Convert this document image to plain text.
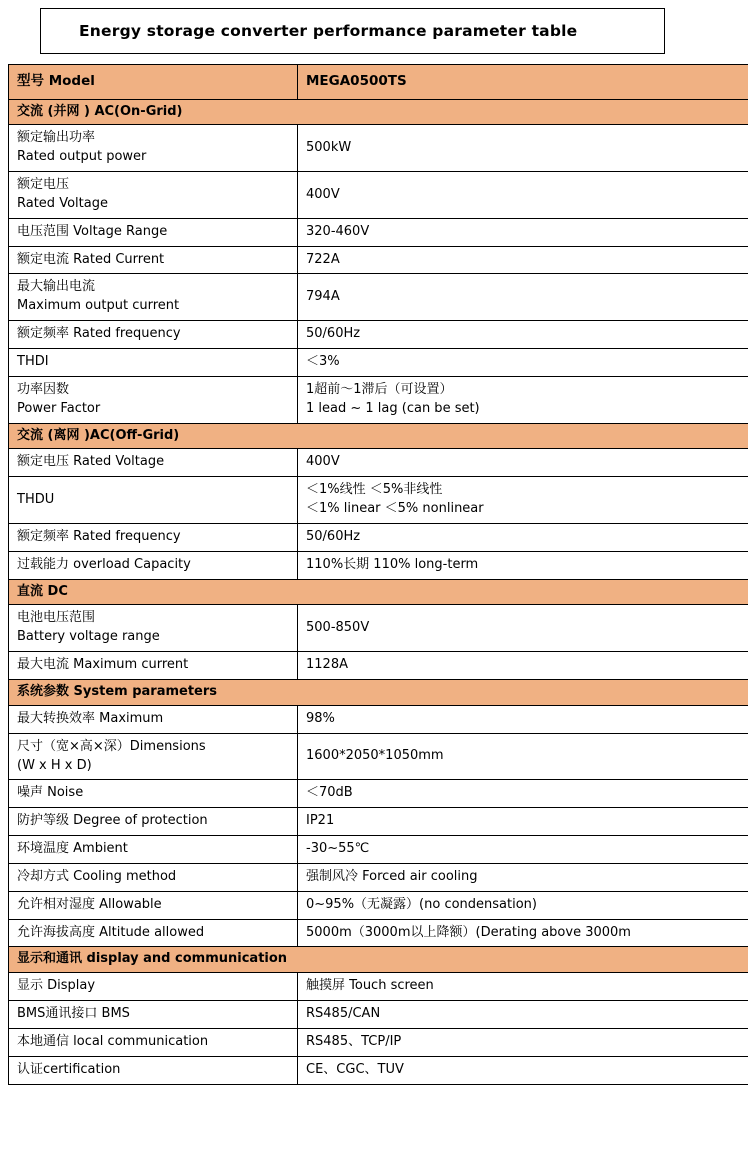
Energy storage converter performance parameter table
型号 Model	MEGA0500TS

交流 (并网 ) AC(On-Grid)	

额定输出功率
Rated output power	500kW

额定电压
Rated Voltage	400V

电压范围 Voltage Range	320-460V

额定电流 Rated Current	722A

最大输出电流
Maximum output current	794A

额定频率 Rated frequency	50/60Hz

THDI	＜3%

功率因数
Power Factor	1超前～1滞后（可设置）
1 lead ~ 1 lag (can be set)

交流 (离网 )AC(Off-Grid)	

额定电压 Rated Voltage	400V

THDU	＜1%线性 ＜5%非线性
＜1% linear ＜5% nonlinear

额定频率 Rated frequency	50/60Hz

过载能力 overload Capacity	110%长期 110% long-term

直流 DC	

电池电压范围
Battery voltage range	500-850V

最大电流 Maximum current	1128A

系统参数 System parameters	

最大转换效率 Maximum	98%

尺寸（宽×高×深）Dimensions
(W x H x D)	1600*2050*1050mm

噪声 Noise	＜70dB

防护等级 Degree of protection	IP21

环境温度 Ambient	-30~55℃

冷却方式 Cooling method	强制风冷 Forced air cooling

允许相对湿度 Allowable	0~95%（无凝露）(no condensation)

允许海拔高度 Altitude allowed	5000m（3000m以上降额）(Derating above 3000m

显示和通讯 display and communication	

显示 Display	触摸屏 Touch screen

BMS通讯接口 BMS	RS485/CAN

本地通信 local communication	RS485、TCP/IP

认证certification	CE、CGC、TUV
